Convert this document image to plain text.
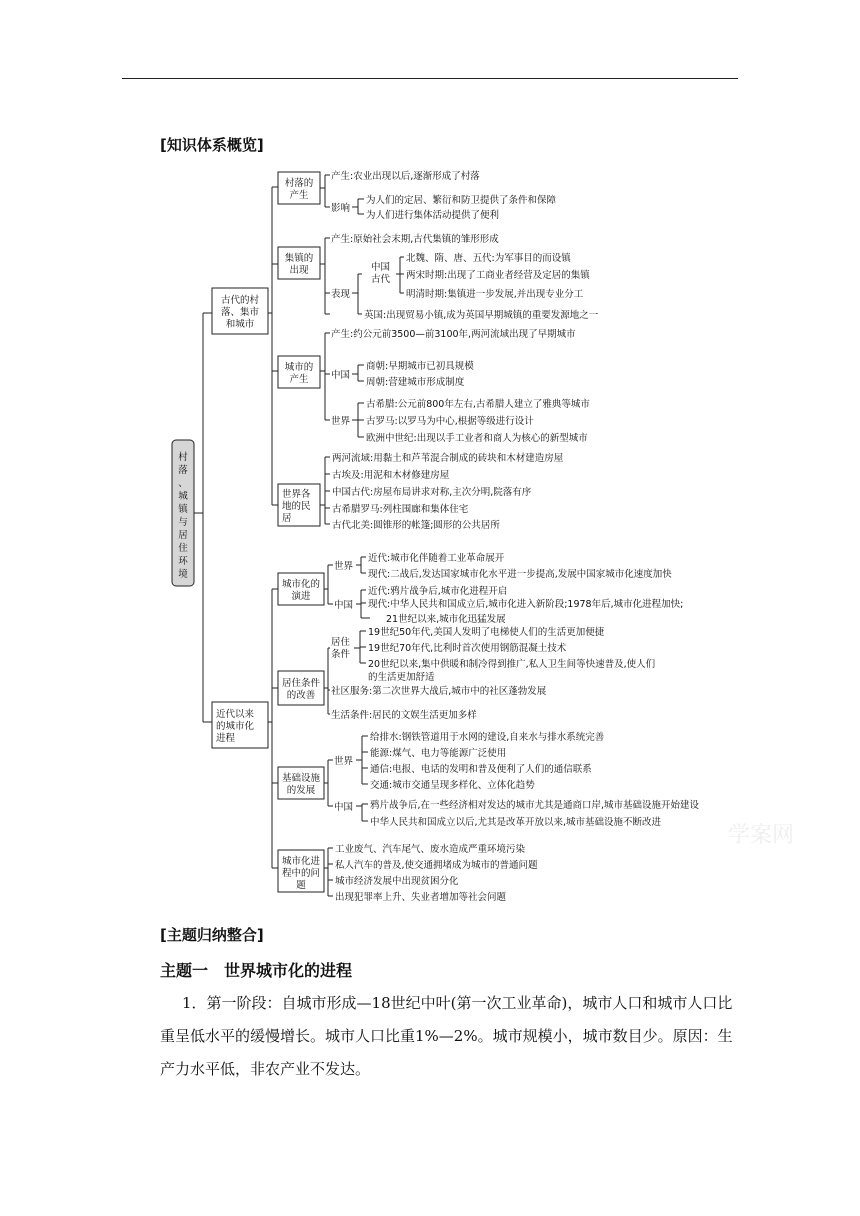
[知识体系概览]
村
落
、
城
镇
与
居
住
环
境
古代的村
落、集市
和城市
近代以来
的城市化
进程
村落的
产生
集镇的
出现
城市的
产生
世界各
地的民
居
产生:农业出现以后,逐渐形成了村落
影响
为人们的定居、繁衍和防卫提供了条件和保障
为人们进行集体活动提供了便利
产生:原始社会末期,古代集镇的雏形形成
中国
古代
北魏、隋、唐、五代:为军事目的而设镇
两宋时期:出现了工商业者经营及定居的集镇
明清时期:集镇进一步发展,并出现专业分工
表现
英国:出现贸易小镇,成为英国早期城镇的重要发源地之一
产生:约公元前3500—前3100年,两河流域出现了早期城市
中国
商朝:早期城市已初具规模
周朝:营建城市形成制度
世界
古希腊:公元前800年左右,古希腊人建立了雅典等城市
古罗马:以罗马为中心,根据等级进行设计
欧洲中世纪:出现以手工业者和商人为核心的新型城市
两河流域:用黏土和芦苇混合制成的砖块和木材建造房屋
古埃及:用泥和木材修建房屋
中国古代:房屋布局讲求对称,主次分明,院落有序
古希腊罗马:列柱围廊和集体住宅
古代北美:圆锥形的帐篷;圆形的公共居所
城市化的
演进
居住条件
的改善
基础设施
的发展
城市化进
程中的问
题
世界
近代:城市化伴随着工业革命展开
现代:二战后,发达国家城市化水平进一步提高,发展中国家城市化速度加快
中国
近代:鸦片战争后,城市化进程开启
现代:中华人民共和国成立后,城市化进入新阶段;1978年后,城市化进程加快;
21世纪以来,城市化迅猛发展
居住
条件
19世纪50年代,美国人发明了电梯使人们的生活更加便捷
19世纪70年代,比利时首次使用钢筋混凝土技术
20世纪以来,集中供暖和制冷得到推广,私人卫生间等快速普及,使人们
的生活更加舒适
社区服务:第二次世界大战后,城市中的社区蓬勃发展
生活条件:居民的文娱生活更加多样
世界
给排水:钢铁管道用于水网的建设,自来水与排水系统完善
能源:煤气、电力等能源广泛使用
通信:电报、电话的发明和普及便利了人们的通信联系
交通:城市交通呈现多样化、立体化趋势
中国 鸦片战争后,在一些经济相对发达的城市尤其是通商口岸,城市基础设施开始建设
中华人民共和国成立以后,尤其是改革开放以来,城市基础设施不断改进
工业废气、汽车尾气、废水造成严重环境污染
私人汽车的普及,使交通拥堵成为城市的普通问题
城市经济发展中出现贫困分化
出现犯罪率上升、失业者增加等社会问题
学案网
[主题归纳整合]
主题一　世界城市化的进程
1．第一阶段：自城市形成—18世纪中叶(第一次工业革命)，城市人口和城市人口比重呈低水平的缓慢增长。城市人口比重1%—2%。城市规模小，城市数目少。原因：生产力水平低，非农产业不发达。
